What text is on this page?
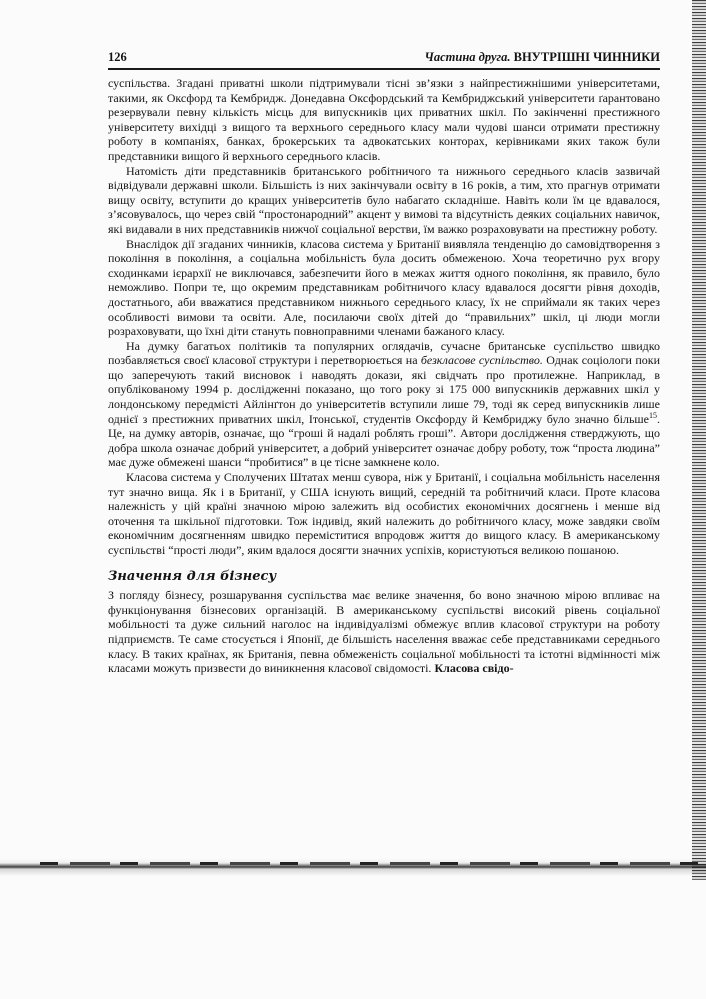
126	Частина друга. ВНУТРІШНІ ЧИННИКИ

суспільства. Згадані приватні школи підтримували тісні зв’язки з найпрестижнішими університетами, такими, як Оксфорд та Кембридж. Донедавна Оксфордський та Кембриджський університети ґарантовано резервували певну кількість місць для випускників цих приватних шкіл. По закінченні престижного університету вихідці з вищого та верхнього середнього класу мали чудові шанси отримати престижну роботу в компаніях, банках, брокерських та адвокатських конторах, керівниками яких також були представники вищого й верхнього середнього класів.

Натомість діти представників британського робітничого та нижнього середнього класів зазвичай відвідували державні школи. Більшість із них закінчували освіту в 16 років, а тим, хто прагнув отримати вищу освіту, вступити до кращих університетів було набагато складніше. Навіть коли їм це вдавалося, з’ясовувалось, що через свій “простонародний” акцент у вимові та відсутність деяких соціальних навичок, які видавали в них представників нижчої соціальної верстви, їм важко розраховувати на престижну роботу.

Внаслідок дії згаданих чинників, класова система у Британії виявляла тенденцію до самовідтворення з покоління в покоління, а соціальна мобільність була досить обмеженою. Хоча теоретично рух вгору сходинками ієрархії не виключався, забезпечити його в межах життя одного покоління, як правило, було неможливо. Попри те, що окремим представникам робітничого класу вдавалося досягти рівня доходів, достатнього, аби вважатися представником нижнього середнього класу, їх не сприймали як таких через особливості вимови та освіти. Але, посилаючи своїх дітей до “правильних” шкіл, ці люди могли розраховувати, що їхні діти стануть повноправними членами бажаного класу.

На думку багатьох політиків та популярних оглядачів, сучасне британське суспільство швидко позбавляється своєї класової структури і перетворюється на безкласове суспільство. Однак соціологи поки що заперечують такий висновок і наводять докази, які свідчать про протилежне. Наприклад, в опублікованому 1994 р. дослідженні показано, що того року зі 175 000 випускників державних шкіл у лондонському передмісті Айлінґтон до університетів вступили лише 79, тоді як серед випускників лише однієї з престижних приватних шкіл, Ітонської, студентів Оксфорду й Кембриджу було значно більше$^{15}$. Це, на думку авторів, означає, що “гроші й надалі роблять гроші”. Автори дослідження стверджують, що добра школа означає добрий університет, а добрий університет означає добру роботу, тож “проста людина” має дуже обмежені шанси “пробитися” в це тісне замкнене коло.

Класова система у Сполучених Штатах менш сувора, ніж у Британії, і соціальна мобільність населення тут значно вища. Як і в Британії, у США існують вищий, середній та робітничий класи. Проте класова належність у цій країні значною мірою залежить від особистих економічних досягнень і менше від оточення та шкільної підготовки. Тож індивід, який належить до робітничого класу, може завдяки своїм економічним досягненням швидко переміститися впродовж життя до вищого класу. В американському суспільстві “прості люди”, яким вдалося досягти значних успіхів, користуються великою пошаною.

Значення для бізнесу

З погляду бізнесу, розшарування суспільства має велике значення, бо воно значною мірою впливає на функціонування бізнесових організацій. В американському суспільстві високий рівень соціальної мобільності та дуже сильний наголос на індивідуалізмі обмежує вплив класової структури на роботу підприємств. Те саме стосується і Японії, де більшість населення вважає себе представниками середнього класу. В таких країнах, як Британія, певна обмеженість соціальної мобільності та істотні відмінності між класами можуть призвести до виникнення класової свідомості. Класова свідо-
